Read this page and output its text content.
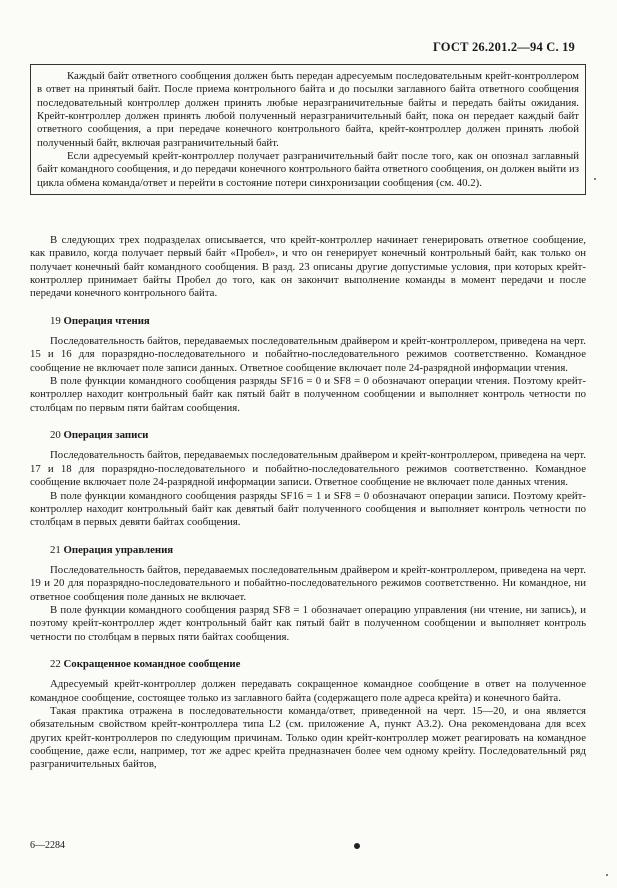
ГОСТ 26.201.2—94 С. 19

Каждый байт ответного сообщения должен быть передан адресуемым последовательным крейт-контроллером в ответ на принятый байт. После приема контрольного байта и до посылки заглавного байта ответного сообщения последовательный контроллер должен принять любые неразграничительные байты и передать байты ожидания. Крейт-контроллер должен принять любой полученный неразграничительный байт, пока он передает каждый байт ответного сообщения, а при передаче конечного контрольного байта, крейт-контроллер должен принять любой полученный байт, включая разграничительный байт.

Если адресуемый крейт-контроллер получает разграничительный байт после того, как он опознал заглавный байт командного сообщения, и до передачи конечного контрольного байта ответного сообщения, он должен выйти из цикла обмена команда/ответ и перейти в состояние потери синхронизации сообщения (см. 40.2).

В следующих трех подразделах описывается, что крейт-контроллер начинает генерировать ответное сообщение, как правило, когда получает первый байт «Пробел», и что он генерирует конечный контрольный байт, как только он получает конечный байт командного сообщения. В разд. 23 описаны другие допустимые условия, при которых крейт-контроллер принимает байты Пробел до того, как он закончит выполнение команды в момент передачи и после передачи конечного контрольного байта.

19 Операция чтения

Последовательность байтов, передаваемых последовательным драйвером и крейт-контроллером, приведена на черт. 15 и 16 для поразрядно-последовательного и побайтно-последовательного режимов соответственно. Командное сообщение не включает поле записи данных. Ответное сообщение включает поле 24-разрядной информации чтения.

В поле функции командного сообщения разряды SF16 = 0 и SF8 = 0 обозначают операции чтения. Поэтому крейт-контроллер находит контрольный байт как пятый байт в полученном сообщении и выполняет контроль четности по столбцам по первым пяти байтам сообщения.

20 Операция записи

Последовательность байтов, передаваемых последовательным драйвером и крейт-контроллером, приведена на черт. 17 и 18 для поразрядно-последовательного и побайтно-последовательного режимов соответственно. Командное сообщение включает поле 24-разрядной информации записи. Ответное сообщение не включает поле данных чтения.

В поле функции командного сообщения разряды SF16 = 1 и SF8 = 0 обозначают операции записи. Поэтому крейт-контроллер находит контрольный байт как девятый байт полученного сообщения и выполняет контроль четности по столбцам в первых девяти байтах сообщения.

21 Операция управления

Последовательность байтов, передаваемых последовательным драйвером и крейт-контроллером, приведена на черт. 19 и 20 для поразрядно-последовательного и побайтно-последовательного режимов соответственно. Ни командное, ни ответное сообщения поле данных не включает.

В поле функции командного сообщения разряд SF8 = 1 обозначает операцию управления (ни чтение, ни запись), и поэтому крейт-контроллер ждет контрольный байт как пятый байт в полученном сообщении и выполняет контроль четности по столбцам в первых пяти байтах сообщения.

22 Сокращенное командное сообщение

Адресуемый крейт-контроллер должен передавать сокращенное командное сообщение в ответ на полученное командное сообщение, состоящее только из заглавного байта (содержащего поле адреса крейта) и конечного байта.

Такая практика отражена в последовательности команда/ответ, приведенной на черт. 15—20, и она является обязательным свойством крейт-контроллера типа L2 (см. приложение А, пункт А3.2). Она рекомендована для всех других крейт-контроллеров по следующим причинам. Только один крейт-контроллер может реагировать на командное сообщение, даже если, например, тот же адрес крейта предназначен более чем одному крейту. Последовательный ряд разграничительных байтов,

6—2284
